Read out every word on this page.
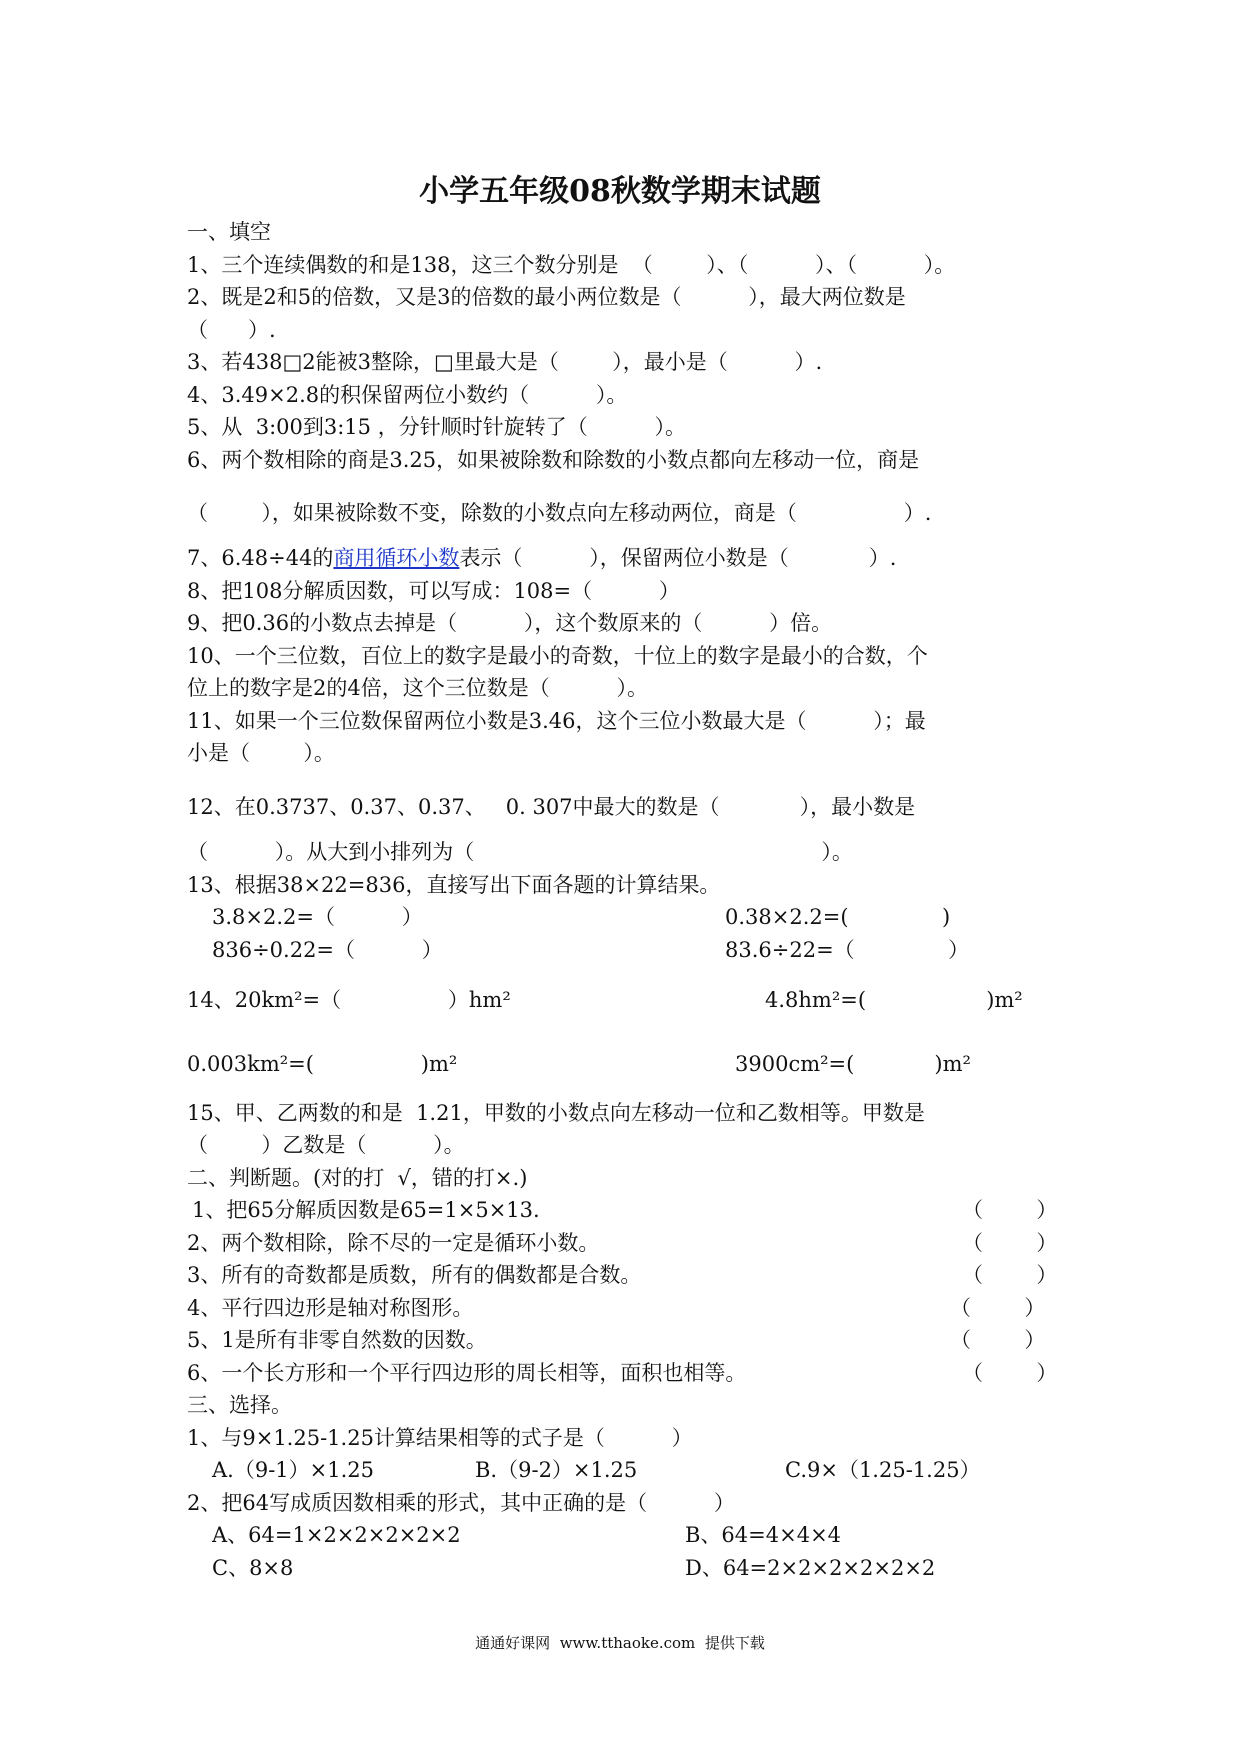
小学五年级08秋数学期末试题
一、填空
1、三个连续偶数的和是138，这三个数分别是  （        ）、（          ）、（          ）。
2、既是2和5的倍数，又是3的倍数的最小两位数是（          ），最大两位数是
（      ）.
3、若438□2能被3整除，□里最大是（        ），最小是（          ）.
4、3.49×2.8的积保留两位小数约（          ）。
5、从  3:00到3:15 ，分针顺时针旋转了（          ）。
6、两个数相除的商是3.25，如果被除数和除数的小数点都向左移动一位，商是
（        ），如果被除数不变，除数的小数点向左移动两位，商是（                ）.
7、6.48÷44的商用循环小数表示（          ），保留两位小数是（            ）.
8、把108分解质因数，可以写成：108=（          ）
9、把0.36的小数点去掉是（          ），这个数原来的（          ）倍。
10、一个三位数，百位上的数字是最小的奇数，十位上的数字是最小的合数，个
位上的数字是2的4倍，这个三位数是（          ）。
11、如果一个三位数保留两位小数是3.46，这个三位小数最大是（          ）；最
小是（        ）。
12、在0.3737、0.37、0.37、   0. 307中最大的数是（            ），最小数是
（          ）。从大到小排列为（                                                    ）。
13、根据38×22=836，直接写出下面各题的计算结果。
3.8×2.2=（          ）	0.38×2.2=(              )
836÷0.22=（          ）	83.6÷22=（              ）
14、20km²=（                ）hm²	4.8hm²=(                  )m²
0.003km²=(                )m²	3900cm²=(            )m²
15、甲、乙两数的和是  1.21，甲数的小数点向左移动一位和乙数相等。甲数是
（        ）乙数是（          ）。
二、判断题。(对的打  √，错的打×.)
1、把65分解质因数是65=1×5×13.	（        ）
2、两个数相除，除不尽的一定是循环小数。	（        ）
3、所有的奇数都是质数，所有的偶数都是合数。	（        ）
4、平行四边形是轴对称图形。	（        ）
5、1是所有非零自然数的因数。	（        ）
6、一个长方形和一个平行四边形的周长相等，面积也相等。	（        ）
三、选择。
1、与9×1.25-1.25计算结果相等的式子是（          ）
A.（9-1）×1.25	B.（9-2）×1.25	C.9×（1.25-1.25）
2、把64写成质因数相乘的形式，其中正确的是（          ）
A、64=1×2×2×2×2×2	B、64=4×4×4
C、8×8	D、64=2×2×2×2×2×2
通通好课网  www.tthaoke.com  提供下载
